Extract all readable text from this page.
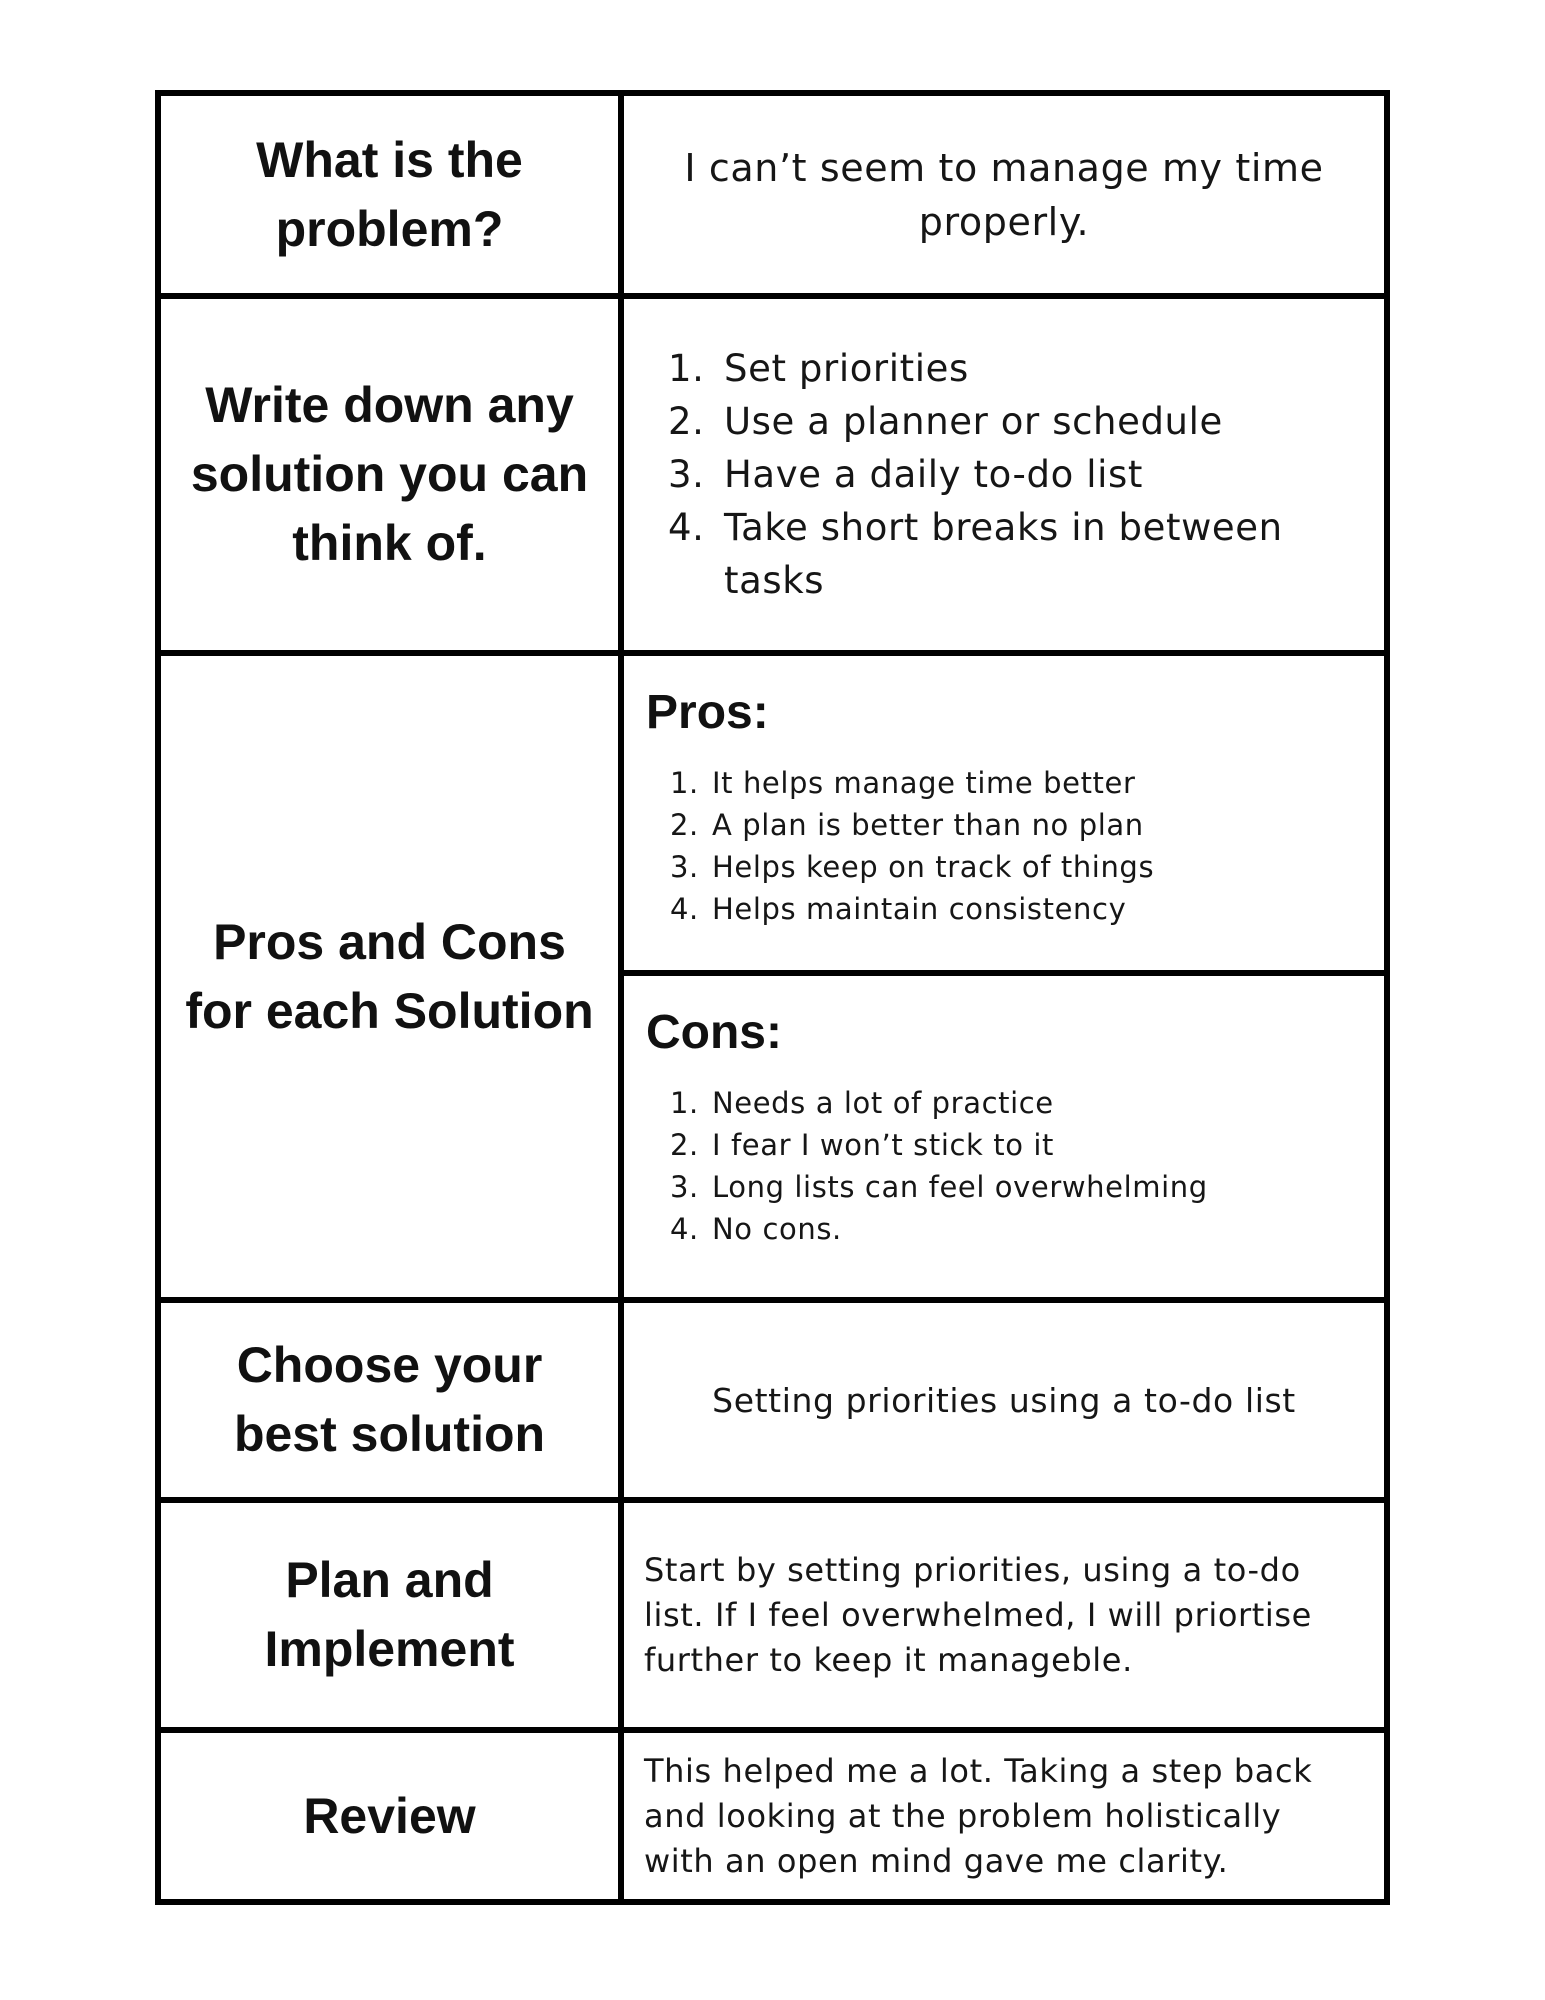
What is the problem?

I can’t seem to manage my time properly.

Write down any solution you can think of.

1. Set priorities
2. Use a planner or schedule
3. Have a daily to-do list
4. Take short breaks in between tasks

Pros and Cons for each Solution

Pros:

1. It helps manage time better
2. A plan is better than no plan
3. Helps keep on track of things
4. Helps maintain consistency

Cons:

1. Needs a lot of practice
2. I fear I won’t stick to it
3. Long lists can feel overwhelming
4. No cons.

Choose your best solution

Setting priorities using a to-do list

Plan and Implement

Start by setting priorities, using a to-do list. If I feel overwhelmed, I will priortise further to keep it manageble.

Review

This helped me a lot. Taking a step back and looking at the problem holistically with an open mind gave me clarity.
